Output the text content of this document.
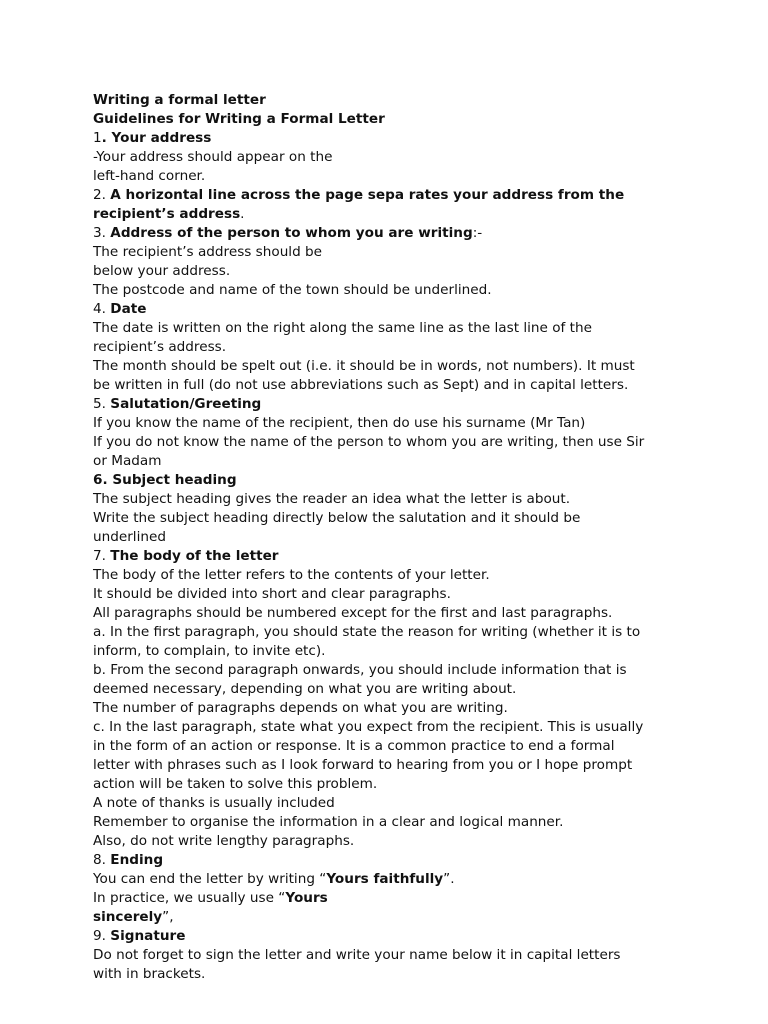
Writing a formal letter
Guidelines for Writing a Formal Letter
1. Your address
-Your address should appear on the
left-hand corner.
2. A horizontal line across the page sepa rates your address from the
recipient’s address.
3. Address of the person to whom you are writing:-
The recipient’s address should be
below your address.
The postcode and name of the town should be underlined.
4. Date
The date is written on the right along the same line as the last line of the
recipient’s address.
The month should be spelt out (i.e. it should be in words, not numbers). It must
be written in full (do not use abbreviations such as Sept) and in capital letters.
5. Salutation/Greeting
If you know the name of the recipient, then do use his surname (Mr Tan)
If you do not know the name of the person to whom you are writing, then use Sir
or Madam
6. Subject heading
The subject heading gives the reader an idea what the letter is about.
Write the subject heading directly below the salutation and it should be
underlined
7. The body of the letter
The body of the letter refers to the contents of your letter.
It should be divided into short and clear paragraphs.
All paragraphs should be numbered except for the first and last paragraphs.
a. In the first paragraph, you should state the reason for writing (whether it is to
inform, to complain, to invite etc).
b. From the second paragraph onwards, you should include information that is
deemed necessary, depending on what you are writing about.
The number of paragraphs depends on what you are writing.
c. In the last paragraph, state what you expect from the recipient. This is usually
in the form of an action or response. It is a common practice to end a formal
letter with phrases such as I look forward to hearing from you or I hope prompt
action will be taken to solve this problem.
A note of thanks is usually included
Remember to organise the information in a clear and logical manner.
Also, do not write lengthy paragraphs.
8. Ending
You can end the letter by writing “Yours faithfully”.
In practice, we usually use “Yours
sincerely”,
9. Signature
Do not forget to sign the letter and write your name below it in capital letters
with in brackets.
